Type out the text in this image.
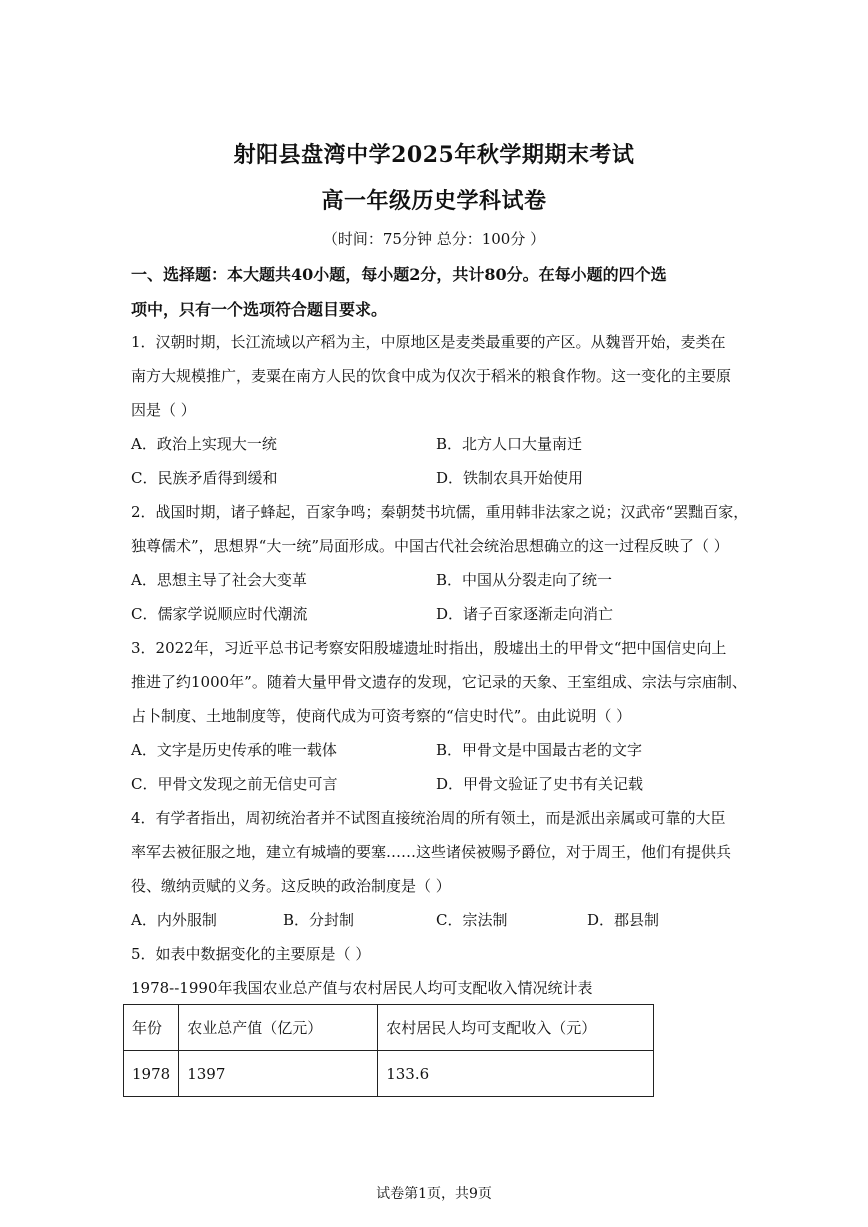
射阳县盘湾中学2025年秋学期期末考试
高一年级历史学科试卷
（时间：75分钟 总分：100分 ）
一、选择题：本大题共40小题，每小题2分，共计80分。在每小题的四个选
项中，只有一个选项符合题目要求。
1．汉朝时期，长江流域以产稻为主，中原地区是麦类最重要的产区。从魏晋开始，麦类在
南方大规模推广，麦粟在南方人民的饮食中成为仅次于稻米的粮食作物。这一变化的主要原
因是（ ）
A．政治上实现大一统	B．北方人口大量南迁
C．民族矛盾得到缓和	D．铁制农具开始使用
2．战国时期，诸子蜂起，百家争鸣；秦朝焚书坑儒，重用韩非法家之说；汉武帝“罢黜百家，
独尊儒术”，思想界“大一统”局面形成。中国古代社会统治思想确立的这一过程反映了（ ）
A．思想主导了社会大变革	B．中国从分裂走向了统一
C．儒家学说顺应时代潮流	D．诸子百家逐渐走向消亡
3．2022年，习近平总书记考察安阳殷墟遗址时指出，殷墟出土的甲骨文“把中国信史向上
推进了约1000年”。随着大量甲骨文遗存的发现，它记录的天象、王室组成、宗法与宗庙制、
占卜制度、土地制度等，使商代成为可资考察的“信史时代”。由此说明（ ）
A．文字是历史传承的唯一载体	B．甲骨文是中国最古老的文字
C．甲骨文发现之前无信史可言	D．甲骨文验证了史书有关记载
4．有学者指出，周初统治者并不试图直接统治周的所有领土，而是派出亲属或可靠的大臣
率军去被征服之地，建立有城墙的要塞……这些诸侯被赐予爵位，对于周王，他们有提供兵
役、缴纳贡赋的义务。这反映的政治制度是（ ）
A．内外服制	B．分封制	C．宗法制	D．郡县制
5．如表中数据变化的主要原是（ ）
1978--1990年我国农业总产值与农村居民人均可支配收入情况统计表
年份	农业总产值（亿元）	农村居民人均可支配收入（元）
1978	1397	133.6
试卷第1页，共9页
